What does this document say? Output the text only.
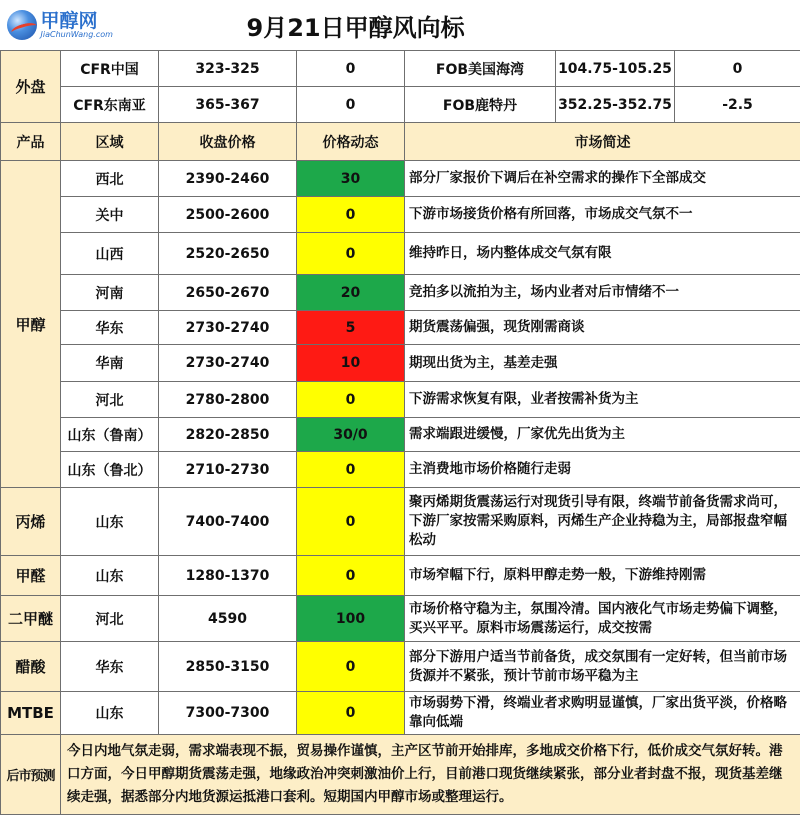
甲醇网
JiaChunWang.com		9月21日甲醇风向标				
外盘	CFR中国	323-325	0	FOB美国海湾	104.75-105.25	0
	CFR东南亚	365-367	0	FOB鹿特丹	352.25-352.75	-2.5
产品	区域	收盘价格	价格动态	市场简述		
甲醇	西北	2390-2460	30	部分厂家报价下调后在补空需求的操作下全部成交		
	关中	2500-2600	0	下游市场接货价格有所回落，市场成交气氛不一		
	山西	2520-2650	0	维持昨日，场内整体成交气氛有限		
	河南	2650-2670	20	竞拍多以流拍为主，场内业者对后市情绪不一		
	华东	2730-2740	5	期货震荡偏强，现货刚需商谈		
	华南	2730-2740	10	期现出货为主，基差走强		
	河北	2780-2800	0	下游需求恢复有限，业者按需补货为主		
	山东（鲁南）	2820-2850	30/0	需求端跟进缓慢，厂家优先出货为主		
	山东（鲁北）	2710-2730	0	主消费地市场价格随行走弱		
丙烯	山东	7400-7400	0	聚丙烯期货震荡运行对现货引导有限，终端节前备货需求尚可，下游厂家按需采购原料，丙烯生产企业持稳为主，局部报盘窄幅松动		
甲醛	山东	1280-1370	0	市场窄幅下行，原料甲醇走势一般，下游维持刚需		
二甲醚	河北	4590	100	市场价格守稳为主，氛围冷清。国内液化气市场走势偏下调整，买兴平平。原料市场震荡运行，成交按需		
醋酸	华东	2850-3150	0	部分下游用户适当节前备货，成交氛围有一定好转，但当前市场货源并不紧张，预计节前市场平稳为主		
MTBE	山东	7300-7300	0	市场弱势下滑，终端业者求购明显谨慎，厂家出货平淡，价格略靠向低端		
后市预测	今日内地气氛走弱，需求端表现不振，贸易操作谨慎，主产区节前开始排库，多地成交价格下行，低价成交气氛好转。港口方面，今日甲醇期货震荡走强，地缘政治冲突刺激油价上行，目前港口现货继续紧张，部分业者封盘不报，现货基差继续走强，据悉部分内地货源运抵港口套利。短期国内甲醇市场或整理运行。					
